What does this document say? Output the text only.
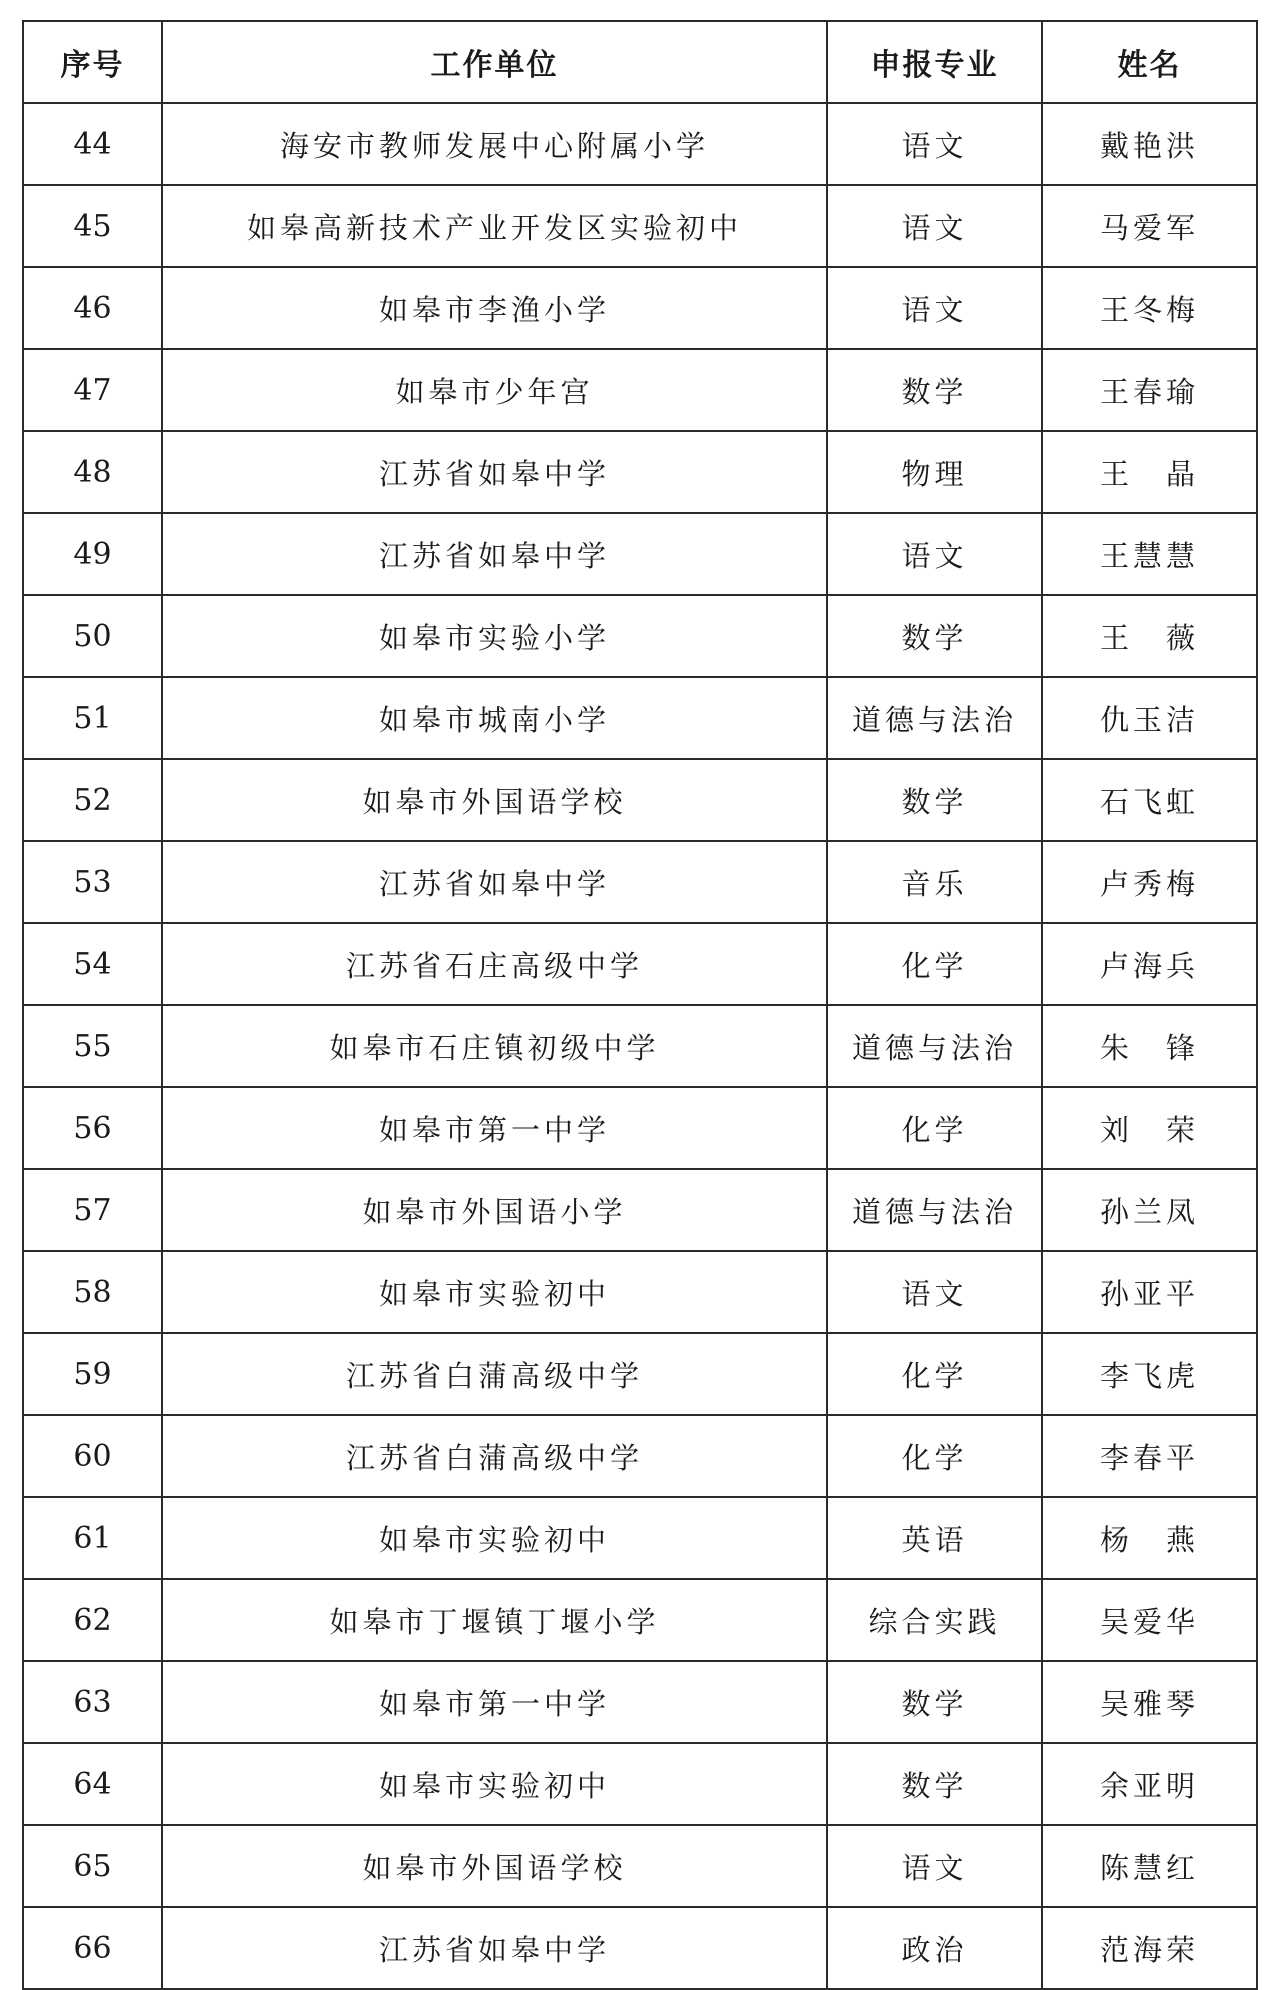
序号	工作单位	申报专业	姓名
44	海安市教师发展中心附属小学	语文	戴艳洪
45	如皋高新技术产业开发区实验初中	语文	马爱军
46	如皋市李渔小学	语文	王冬梅
47	如皋市少年宫	数学	王春瑜
48	江苏省如皋中学	物理	王　晶
49	江苏省如皋中学	语文	王慧慧
50	如皋市实验小学	数学	王　薇
51	如皋市城南小学	道德与法治	仇玉洁
52	如皋市外国语学校	数学	石飞虹
53	江苏省如皋中学	音乐	卢秀梅
54	江苏省石庄高级中学	化学	卢海兵
55	如皋市石庄镇初级中学	道德与法治	朱　锋
56	如皋市第一中学	化学	刘　荣
57	如皋市外国语小学	道德与法治	孙兰凤
58	如皋市实验初中	语文	孙亚平
59	江苏省白蒲高级中学	化学	李飞虎
60	江苏省白蒲高级中学	化学	李春平
61	如皋市实验初中	英语	杨　燕
62	如皋市丁堰镇丁堰小学	综合实践	吴爱华
63	如皋市第一中学	数学	吴雅琴
64	如皋市实验初中	数学	余亚明
65	如皋市外国语学校	语文	陈慧红
66	江苏省如皋中学	政治	范海荣
